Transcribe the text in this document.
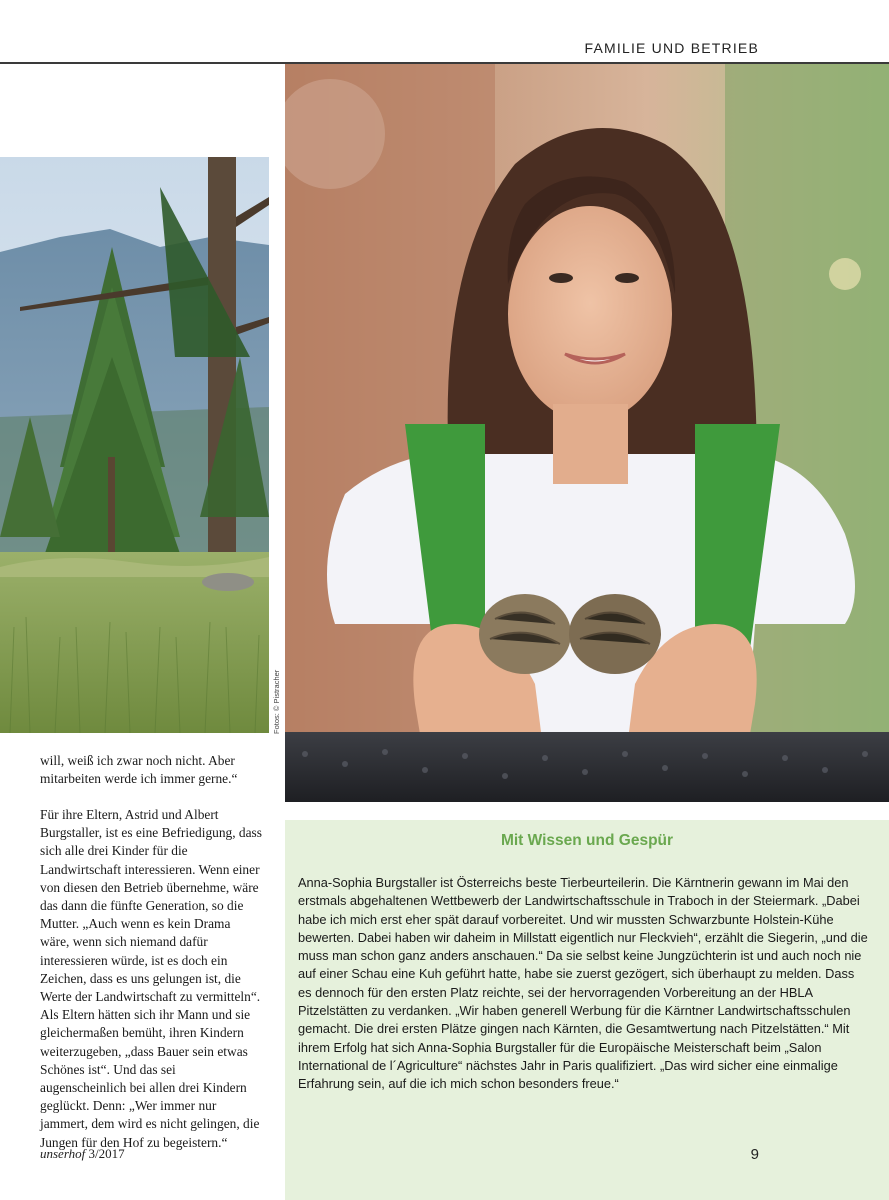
FAMILIE UND BETRIEB
Fotos: © Pistracher

will, weiß ich zwar noch nicht. Aber mitarbeiten werde ich immer gerne.“

Für ihre Eltern, Astrid und Albert Burgstaller, ist es eine Befriedigung, dass sich alle drei Kinder für die Landwirtschaft interessieren. Wenn einer von diesen den Betrieb übernehme, wäre das dann die fünfte Generation, so die Mutter. „Auch wenn es kein Drama wäre, wenn sich niemand dafür interessieren würde, ist es doch ein Zeichen, dass es uns gelungen ist, die Werte der Landwirtschaft zu vermitteln“. Als Eltern hätten sich ihr Mann und sie gleichermaßen bemüht, ihren Kindern weiterzugeben, „dass Bauer sein etwas Schönes ist“. Und das sei augenscheinlich bei allen drei Kindern geglückt. Denn: „Wer immer nur jammert, dem wird es nicht gelingen, die Jungen für den Hof zu begeistern.“

unserhof 3/2017
Mit Wissen und Gespür

Anna-Sophia Burgstaller ist Österreichs beste Tierbeurteilerin. Die Kärntnerin gewann im Mai den erstmals abgehaltenen Wettbewerb der Landwirtschaftsschule in Traboch in der Steiermark. „Dabei habe ich mich erst eher spät darauf vorbereitet. Und wir mussten Schwarzbunte Holstein-Kühe bewerten. Dabei haben wir daheim in Millstatt eigentlich nur Fleckvieh“, erzählt die Siegerin, „und die muss man schon ganz anders anschauen.“ Da sie selbst keine Jungzüchterin ist und auch noch nie auf einer Schau eine Kuh geführt hatte, habe sie zuerst gezögert, sich überhaupt zu melden. Dass es dennoch für den ersten Platz reichte, sei der hervorragenden Vorbereitung an der HBLA Pitzelstätten zu verdanken. „Wir haben generell Werbung für die Kärntner Landwirtschaftsschulen gemacht. Die drei ersten Plätze gingen nach Kärnten, die Gesamtwertung nach Pitzelstätten.“ Mit ihrem Erfolg hat sich Anna-Sophia Burgstaller für die Europäische Meisterschaft beim „Salon International de l´Agriculture“ nächstes Jahr in Paris qualifiziert. „Das wird sicher eine einmalige Erfahrung sein, auf die ich mich schon besonders freue.“

9
